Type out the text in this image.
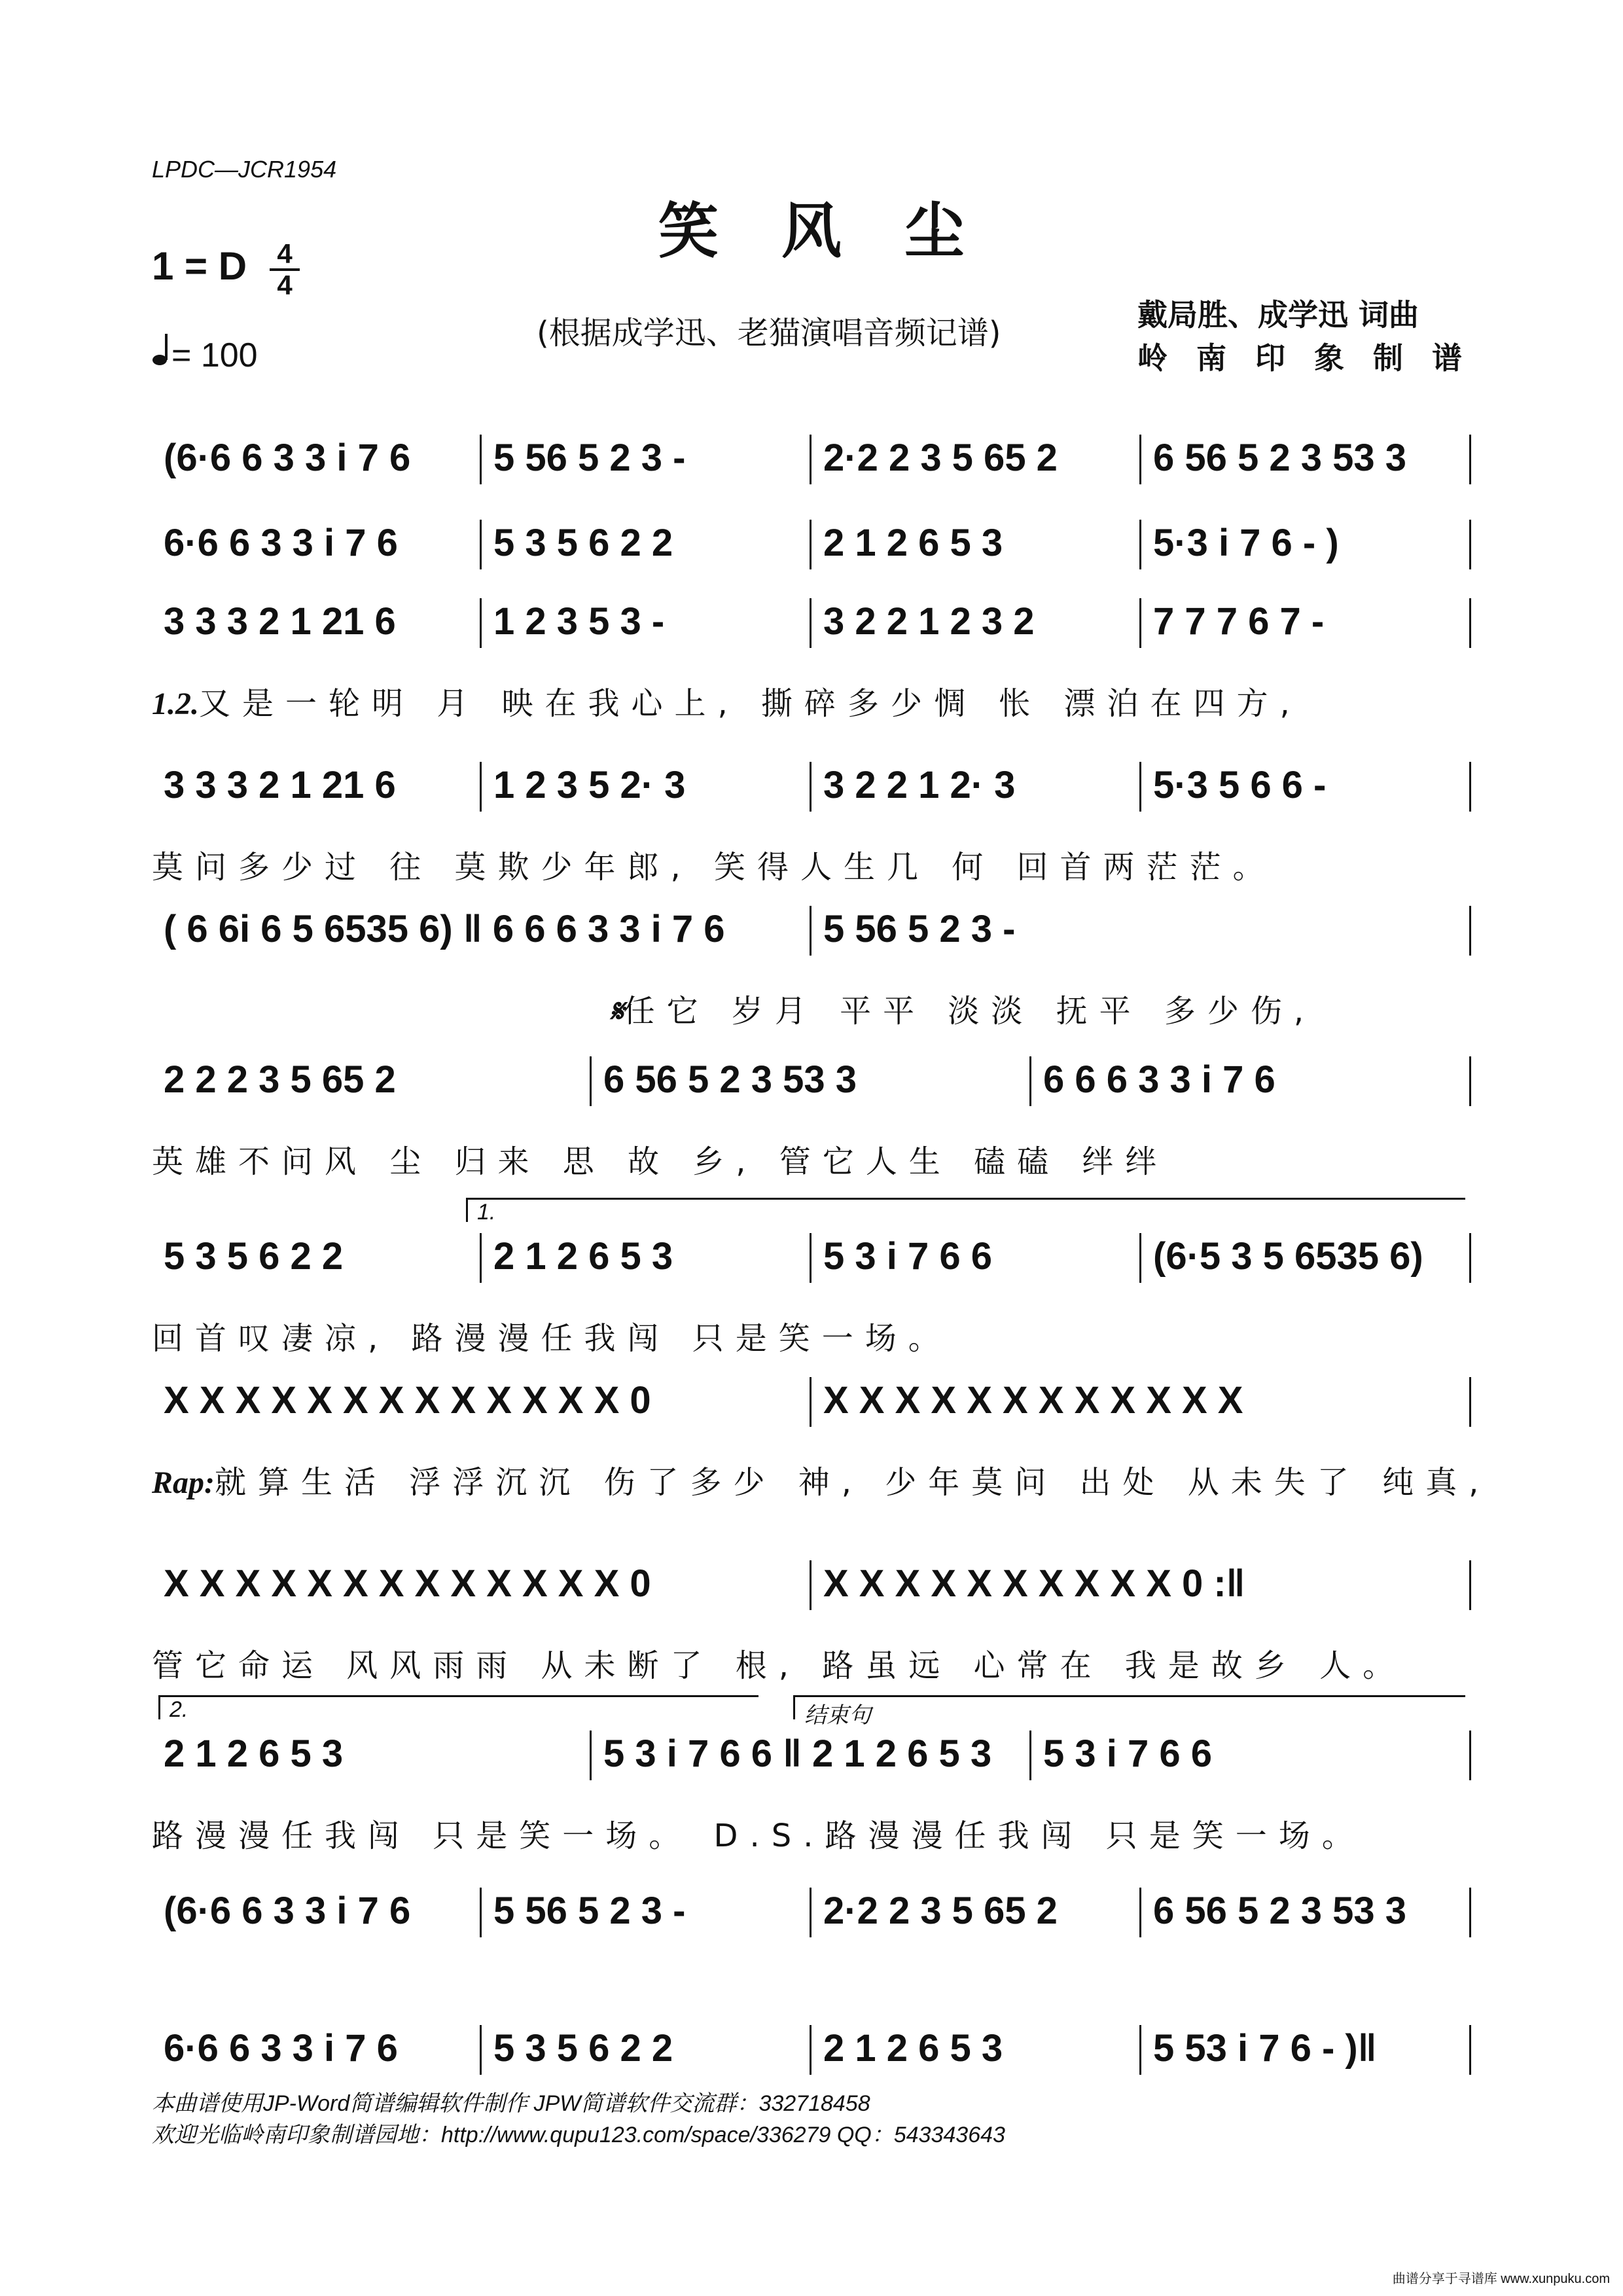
LPDC—JCR1954
笑风尘
1 = D 4
4
= 100
(根据成学迅、老猫演唱音频记谱)	戴局胜、成学迅 词曲
岭南印象制谱
(6·6 6 3 3 i 7 6	5 56 5 2 3 -	2·2 2 3 5 65 2	6 56 5 2 3 53 3
6·6 6 3 3 i 7 6	5 3 5 6 2 2	2 1 2 6 5 3	5·3 i 7 6 - )
3 3 3 2 1 21 6	1 2 3 5 3 -	3 2 2 1 2 3 2	7 7 7 6 7 -
1.2.又是一轮明 月 映在我心上, 撕碎多少惆 怅 漂泊在四方,
3 3 3 2 1 21 6	1 2 3 5 2· 3	3 2 2 1 2· 3	5·3 5 6 6 -
莫问多少过 往 莫欺少年郎, 笑得人生几 何 回首两茫茫。
( 6 6i 6 5 6535 6) ‖ 6 6 6 3 3 i 7 6	5 56 5 2 3 -
𝄋任它 岁月 平平 淡淡 抚平 多少伤,
2 2 2 3 5 65 2	6 56 5 2 3 53 3	6 6 6 3 3 i 7 6
英雄不问风 尘 归来 思 故 乡, 管它人生 磕磕 绊绊
5 3 5 6 2 2	2 1 2 6 5 3	5 3 i 7 6 6	(6·5 3 5 6535 6)
1.
回首叹凄凉, 路漫漫任我闯 只是笑一场。
X X X X X X X X X X X X X 0	X X X X X X X X X X X X
Rap:就算生活 浮浮沉沉 伤了多少 神, 少年莫问 出处 从未失了 纯真,
X X X X X X X X X X X X X 0	X X X X X X X X X X 0 :‖
管它命运 风风雨雨 从未断了 根, 路虽远 心常在 我是故乡 人。
2 1 2 6 5 3	5 3 i 7 6 6 ‖ 2 1 2 6 5 3	5 3 i 7 6 6
2.	结束句
路漫漫任我闯 只是笑一场。 D.S.路漫漫任我闯 只是笑一场。
(6·6 6 3 3 i 7 6	5 56 5 2 3 -	2·2 2 3 5 65 2	6 56 5 2 3 53 3
6·6 6 3 3 i 7 6	5 3 5 6 2 2	2 1 2 6 5 3	5 53 i 7 6 - )‖
本曲谱使用JP-Word简谱编辑软件制作 JPW简谱软件交流群：332718458
欢迎光临岭南印象制谱园地：http://www.qupu123.com/space/336279 QQ：543343643
曲谱分享于寻谱库 www.xunpuku.com
